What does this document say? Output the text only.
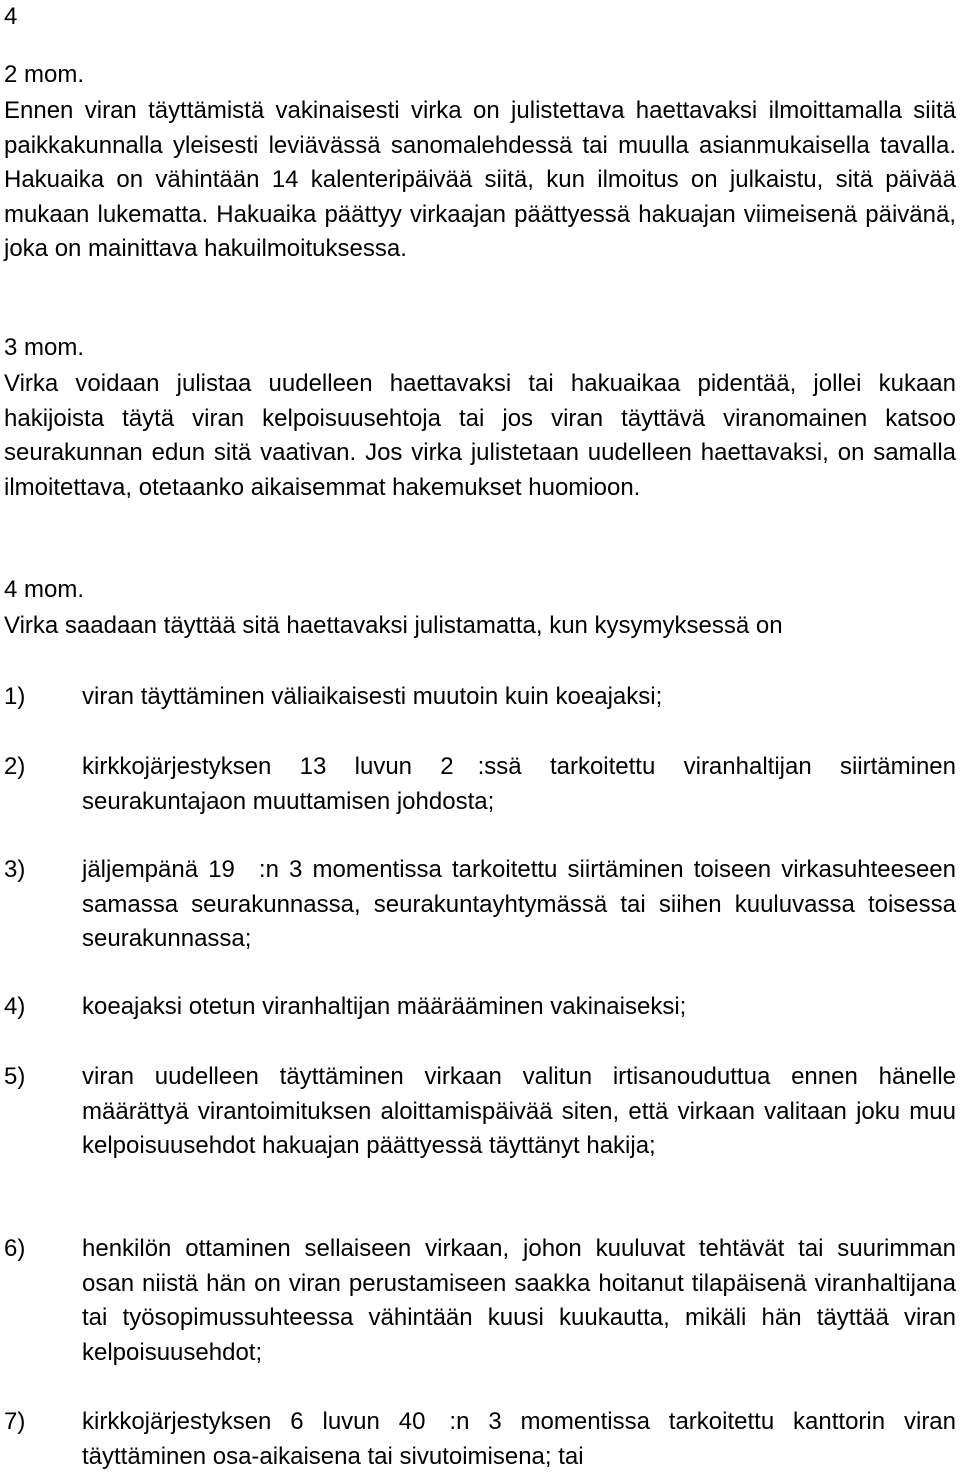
4
2 mom.

Ennen viran täyttämistä vakinaisesti virka on julistettava haettavaksi ilmoittamalla siitä paikkakunnalla yleisesti leviävässä sanomalehdessä tai muulla asianmukaisella tavalla. Hakuaika on vähintään 14 kalenteripäivää siitä, kun ilmoitus on julkaistu, sitä päivää mukaan lukematta. Hakuaika päättyy virkaajan päättyessä hakuajan viimeisenä päivänä, joka on mainittava hakuilmoituksessa.

3 mom.

Virka voidaan julistaa uudelleen haettavaksi tai hakuaikaa pidentää, jollei kukaan hakijoista täytä viran kelpoisuusehtoja tai jos viran täyttävä viranomainen katsoo seurakunnan edun sitä vaativan. Jos virka julistetaan uudelleen haettavaksi, on samalla ilmoitettava, otetaanko aikaisemmat hakemukset huomioon.

4 mom.

Virka saadaan täyttää sitä haettavaksi julistamatta, kun kysymyksessä on

1)	viran täyttäminen väliaikaisesti muutoin kuin koeajaksi;
2)	kirkkojärjestyksen 13 luvun 2 :ssä tarkoitettu viranhaltijan siirtäminen seurakuntajaon muuttamisen johdosta;
3)	jäljempänä 19 :n 3 momentissa tarkoitettu siirtäminen toiseen virkasuhteeseen samassa seurakunnassa, seurakuntayhtymässä tai siihen kuuluvassa toisessa seurakunnassa;
4)	koeajaksi otetun viranhaltijan määrääminen vakinaiseksi;
5)	viran uudelleen täyttäminen virkaan valitun irtisanouduttua ennen hänelle määrättyä virantoimituksen aloittamispäivää siten, että virkaan valitaan joku muu kelpoisuusehdot hakuajan päättyessä täyttänyt hakija;
6)	henkilön ottaminen sellaiseen virkaan, johon kuuluvat tehtävät tai suurimman osan niistä hän on viran perustamiseen saakka hoitanut tilapäisenä viranhaltijana tai työsopimussuhteessa vähintään kuusi kuukautta, mikäli hän täyttää viran kelpoisuusehdot;
7)	kirkkojärjestyksen 6 luvun 40 :n 3 momentissa tarkoitettu kanttorin viran täyttäminen osa-aikaisena tai sivutoimisena; tai
